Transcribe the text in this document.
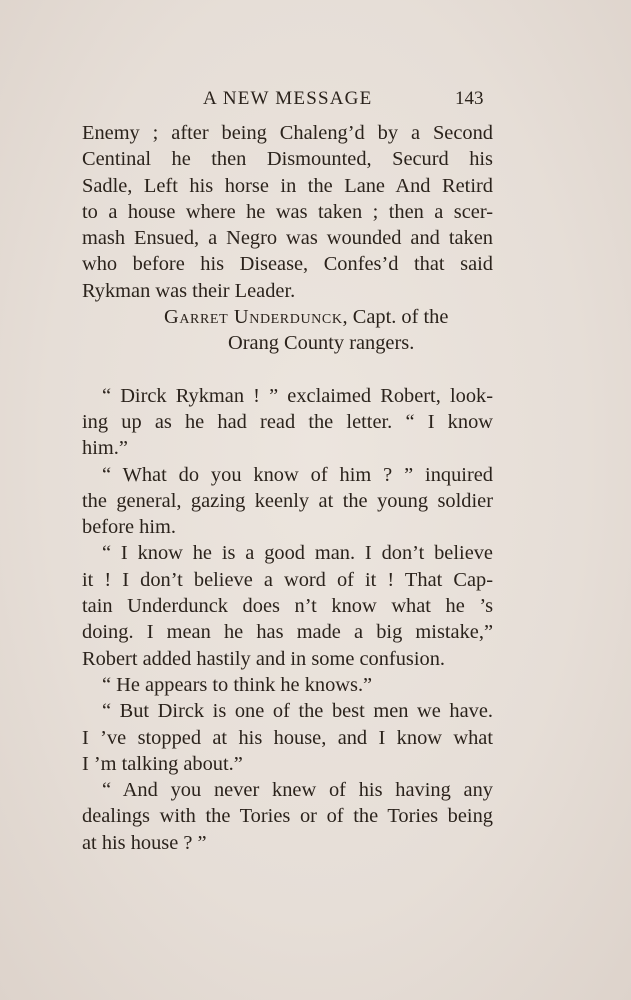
A NEW MESSAGE	143
Enemy ; after being Chaleng’d by a Second
Centinal he then Dismounted, Securd his
Sadle, Left his horse in the Lane And Retird
to a house where he was taken ; then a scer-
mash Ensued, a Negro was wounded and taken
who before his Disease, Confes’d that said
Rykman was their Leader.
Garret Underdunck, Capt. of the
Orang County rangers.
“ Dirck Rykman ! ” exclaimed Robert, look-
ing up as he had read the letter. “ I know
him.”
“ What do you know of him ? ” inquired
the general, gazing keenly at the young soldier
before him.
“ I know he is a good man. I don’t believe
it ! I don’t believe a word of it ! That Cap-
tain Underdunck does n’t know what he ’s
doing. I mean he has made a big mistake,”
Robert added hastily and in some confusion.
“ He appears to think he knows.”
“ But Dirck is one of the best men we have.
I ’ve stopped at his house, and I know what
I ’m talking about.”
“ And you never knew of his having any
dealings with the Tories or of the Tories being
at his house ? ”
